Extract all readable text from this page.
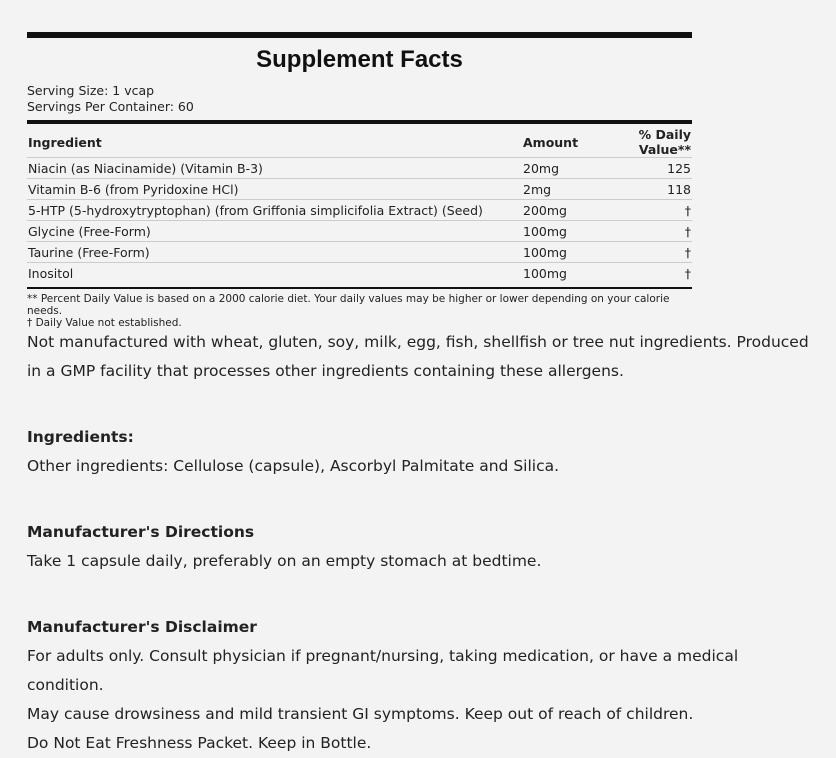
Supplement Facts
Serving Size: 1 vcap
Servings Per Container: 60
Ingredient	Amount	% Daily Value**
Niacin (as Niacinamide) (Vitamin B-3)	20mg	125
Vitamin B-6 (from Pyridoxine HCl)	2mg	118
5-HTP (5-hydroxytryptophan) (from Griffonia simplicifolia Extract) (Seed)	200mg	†
Glycine (Free-Form)	100mg	†
Taurine (Free-Form)	100mg	†
Inositol	100mg	†
** Percent Daily Value is based on a 2000 calorie diet. Your daily values may be higher or lower depending on your calorie needs.
† Daily Value not established.

Not manufactured with wheat, gluten, soy, milk, egg, fish, shellfish or tree nut ingredients. Produced in a GMP facility that processes other ingredients containing these allergens.

Ingredients:

Other ingredients: Cellulose (capsule), Ascorbyl Palmitate and Silica.

Manufacturer's Directions

Take 1 capsule daily, preferably on an empty stomach at bedtime.

Manufacturer's Disclaimer

For adults only. Consult physician if pregnant/nursing, taking medication, or have a medical condition.

May cause drowsiness and mild transient GI symptoms. Keep out of reach of children.

Do Not Eat Freshness Packet. Keep in Bottle.
